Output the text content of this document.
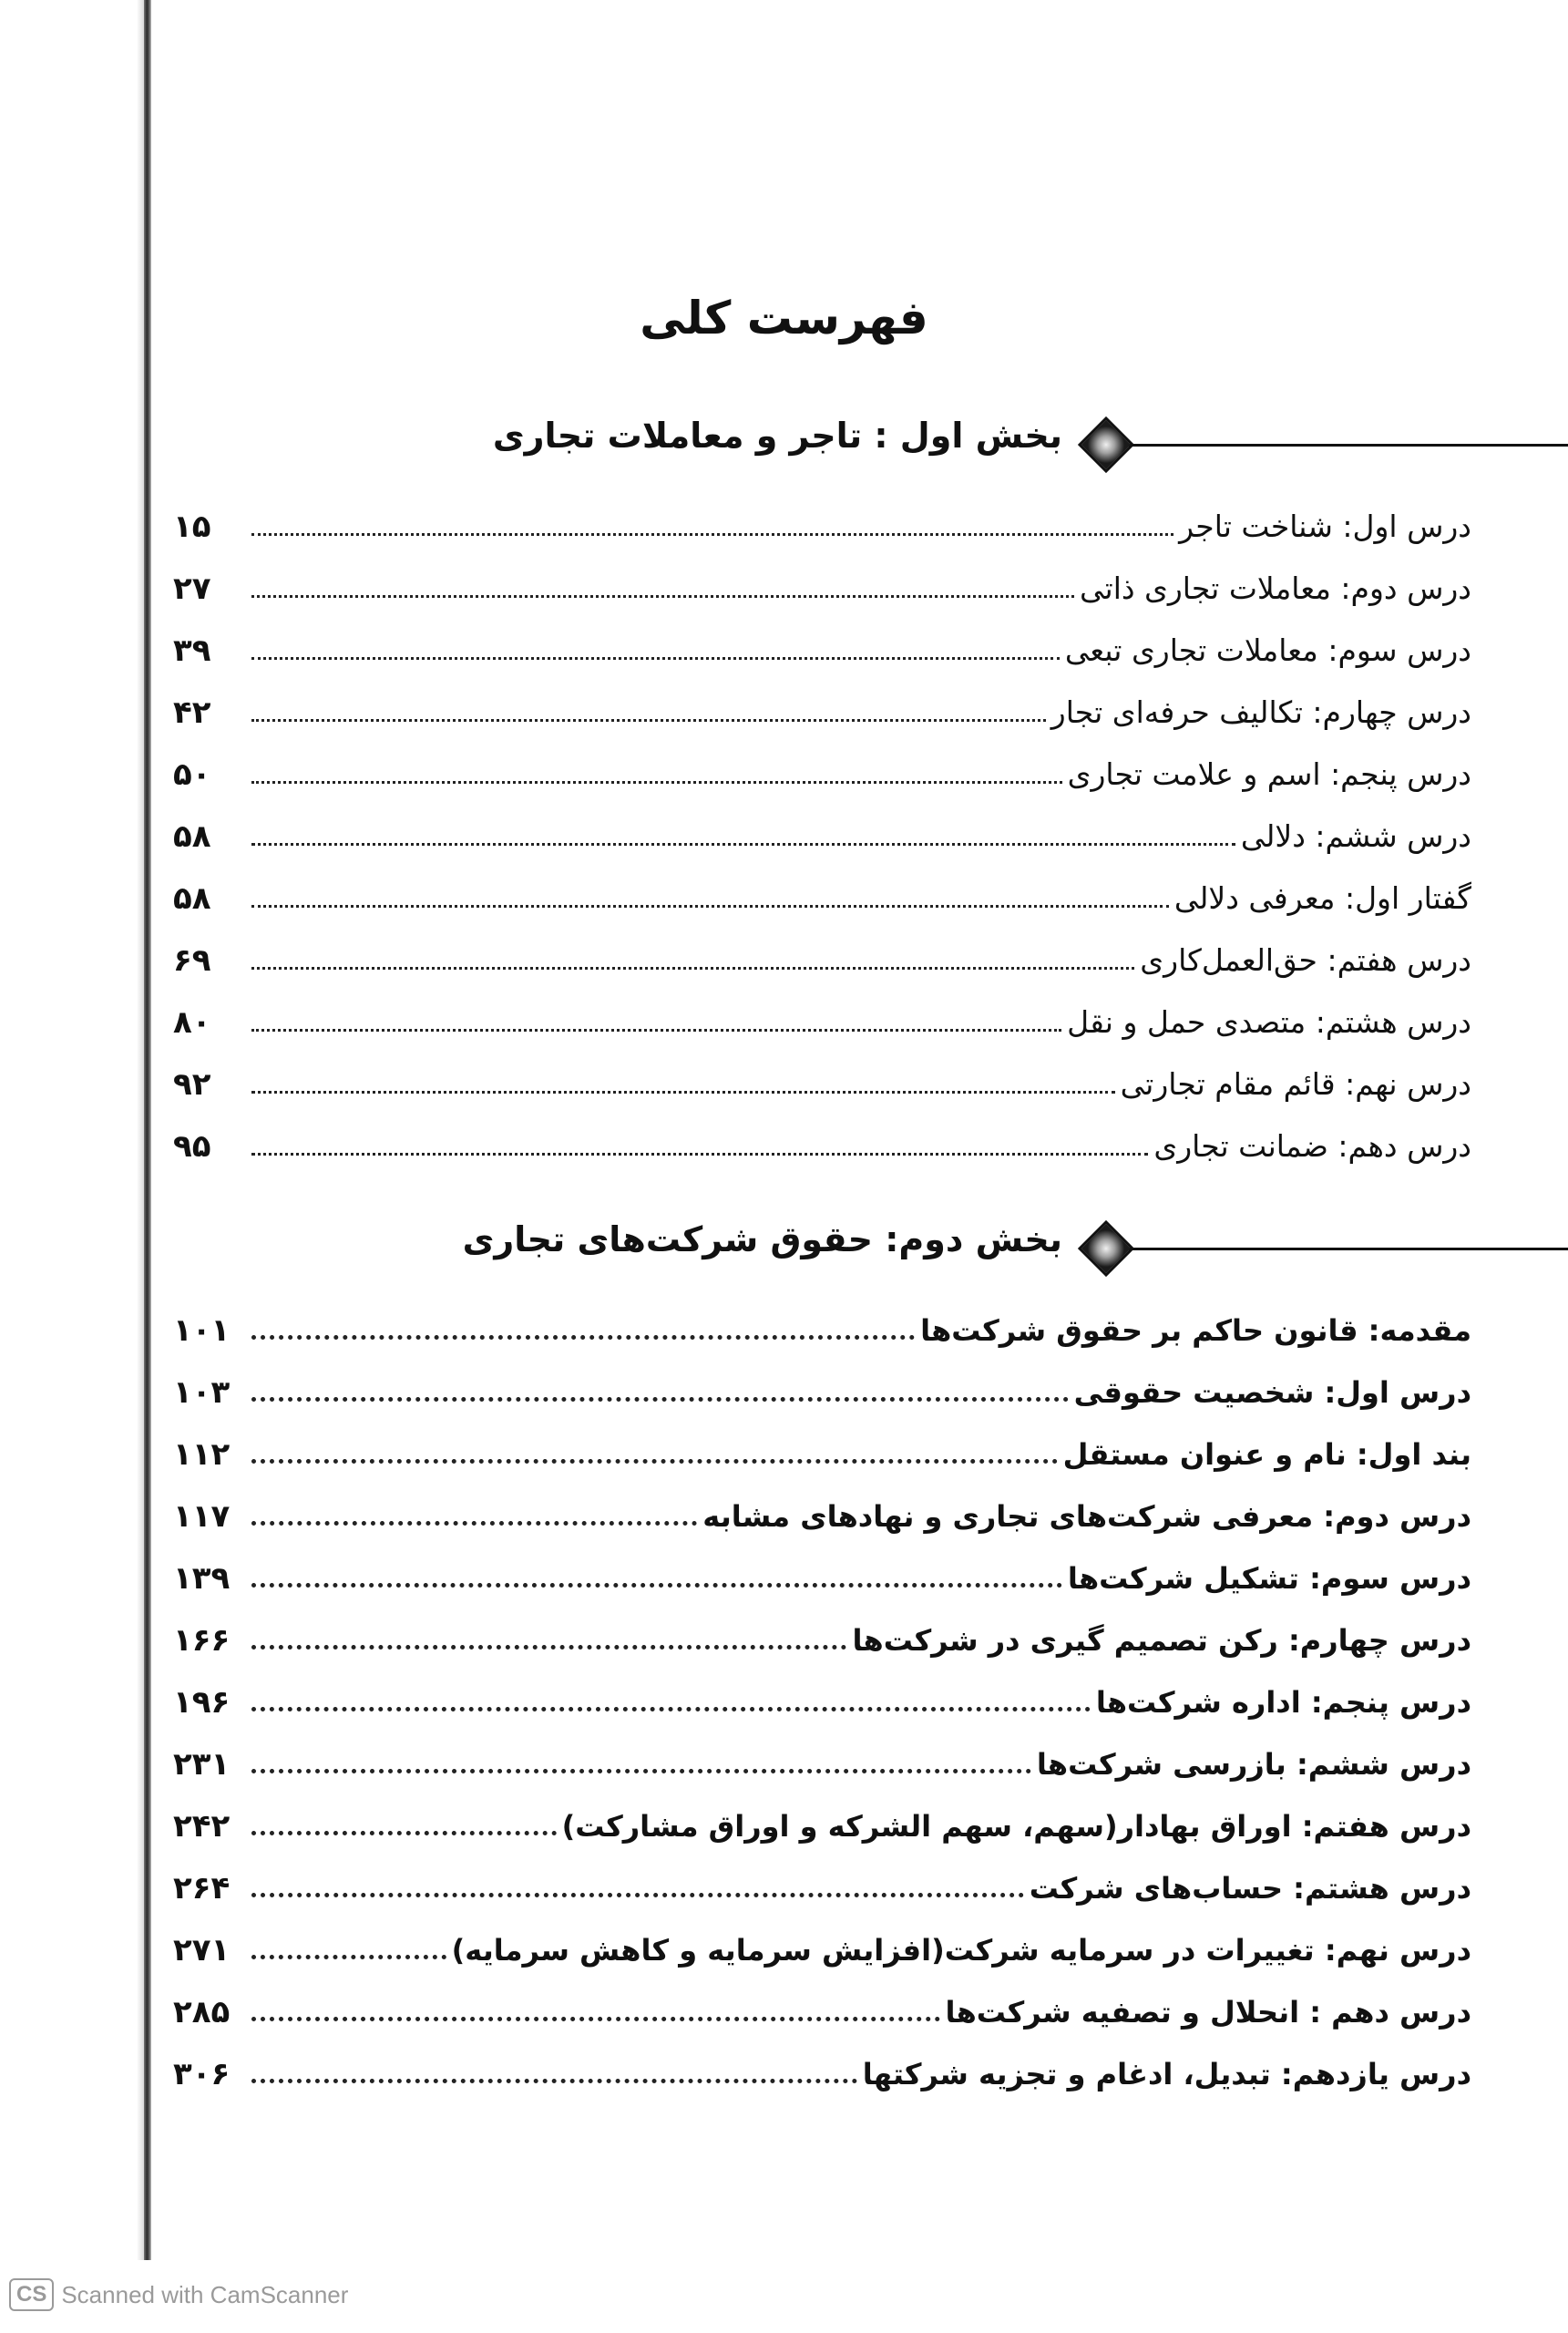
فهرست کلی
بخش اول : تاجر و معاملات تجاری
۱۵	درس اول: شناخت تاجر
۲۷	درس دوم: معاملات تجاری ذاتی
۳۹	درس سوم: معاملات تجاری تبعی
۴۲	درس چهارم: تکالیف حرفه‌ای تجار
۵۰	درس پنجم: اسم و علامت تجاری
۵۸	درس ششم: دلالی
۵۸	گفتار اول: معرفی دلالی
۶۹	درس هفتم: حق‌العمل‌کاری
۸۰	درس هشتم: متصدی حمل و نقل
۹۲	درس نهم: قائم مقام تجارتی
۹۵	درس دهم: ضمانت تجاری
بخش دوم: حقوق شرکت‌های تجاری
۱۰۱	مقدمه: قانون حاکم بر حقوق شرکت‌ها
۱۰۳	درس اول: شخصیت حقوقی
۱۱۲	بند اول: نام و عنوان مستقل
۱۱۷	درس دوم: معرفی شرکت‌های تجاری و نهادهای مشابه
۱۳۹	درس سوم: تشکیل شرکت‌ها
۱۶۶	درس چهارم: رکن تصمیم گیری در شرکت‌ها
۱۹۶	درس پنجم: اداره شرکت‌ها
۲۳۱	درس ششم: بازرسی شرکت‌ها
۲۴۲	درس هفتم: اوراق بهادار(سهم، سهم الشرکه و اوراق مشارکت)
۲۶۴	درس هشتم: حساب‌های شرکت
۲۷۱	درس نهم: تغییرات در سرمایه شرکت(افزایش سرمایه و کاهش سرمایه)
۲۸۵	درس دهم : انحلال و تصفیه شرکت‌ها
۳۰۶	درس یازدهم: تبدیل، ادغام و تجزیه شرکتها
CS Scanned with CamScanner
